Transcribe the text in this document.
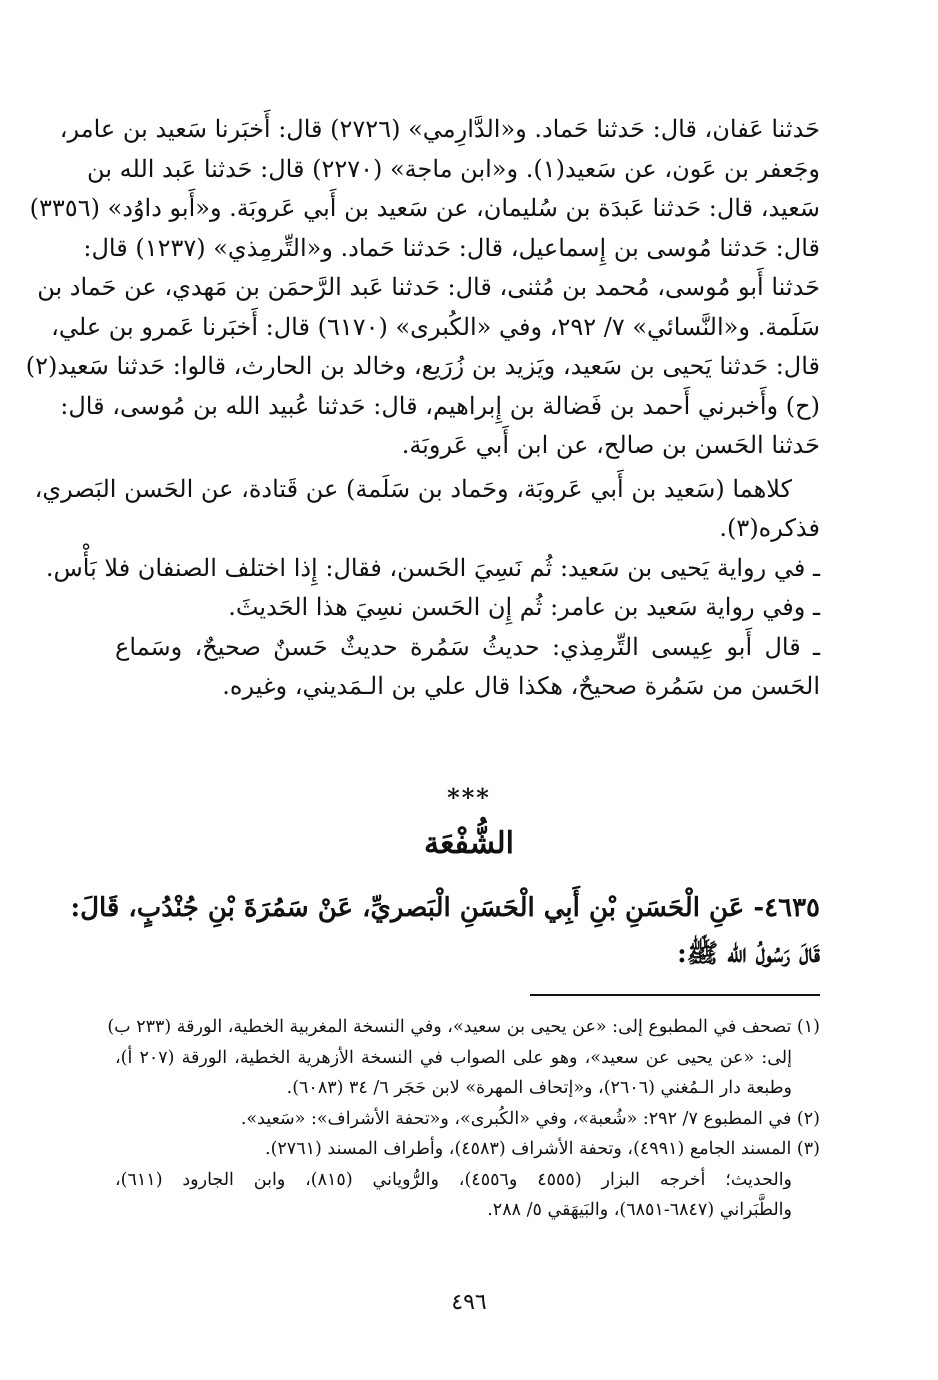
حَدثنا عَفان، قال: حَدثنا حَماد. و«الدَّارِمي» (٢٧٢٦) قال: أَخبَرنا سَعيد بن عامر،
وجَعفر بن عَون، عن سَعيد(١). و«ابن ماجة» (٢٢٧٠) قال: حَدثنا عَبد الله بن
سَعيد، قال: حَدثنا عَبدَة بن سُليمان، عن سَعيد بن أَبي عَروبَة. و«أَبو داوُد» (٣٣٥٦)
قال: حَدثنا مُوسى بن إِسماعيل، قال: حَدثنا حَماد. و«التِّرمِذي» (١٢٣٧) قال:
حَدثنا أَبو مُوسى، مُحمد بن مُثنى، قال: حَدثنا عَبد الرَّحمَن بن مَهدي، عن حَماد بن
سَلَمة. و«النَّسائي» ٧/ ٢٩٢، وفي «الكُبرى» (٦١٧٠) قال: أَخبَرنا عَمرو بن علي،
قال: حَدثنا يَحيى بن سَعيد، ويَزيد بن زُرَيع، وخالد بن الحارث، قالوا: حَدثنا سَعيد(٢)
(ح) وأَخبرني أَحمد بن فَضالة بن إِبراهيم، قال: حَدثنا عُبيد الله بن مُوسى، قال:
حَدثنا الحَسن بن صالح، عن ابن أَبي عَروبَة.
كلاهما (سَعيد بن أَبي عَروبَة، وحَماد بن سَلَمة) عن قَتادة، عن الحَسن البَصري،
فذكره(٣).
ـ في رواية يَحيى بن سَعيد: ثُم نَسِيَ الحَسن، فقال: إِذا اختلف الصنفان فلا بَأْس.
ـ وفي رواية سَعيد بن عامر: ثُم إِن الحَسن نسِيَ هذا الحَديثَ.
ـ قال أَبو عِيسى التِّرمِذي: حديثُ سَمُرة حديثٌ حَسنٌ صحيحٌ، وسَماع
الحَسن من سَمُرة صحيحٌ، هكذا قال علي بن الـمَديني، وغيره.
***
الشُّفْعَة
٤٦٣٥- عَنِ الْحَسَنِ بْنِ أَبِي الْحَسَنِ الْبَصريِّ، عَنْ سَمُرَةَ بْنِ جُنْدُبٍ، قَالَ:
قَالَ رَسُولُ الله ﷺ:
(١) تصحف في المطبوع إلى: «عن يحيى بن سعيد»، وفي النسخة المغربية الخطية، الورقة (٢٣٣ ب)
إلى: «عن يحيى عن سعيد»، وهو على الصواب في النسخة الأزهرية الخطية، الورقة (٢٠٧ أ)،
وطبعة دار الـمُغني (٢٦٠٦)، و«إتحاف المهرة» لابن حَجَر ٦/ ٣٤ (٦٠٨٣).
(٢) في المطبوع ٧/ ٢٩٢: «شُعبة»، وفي «الكُبرى»، و«تحفة الأشراف»: «سَعيد».
(٣) المسند الجامع (٤٩٩١)، وتحفة الأشراف (٤٥٨٣)، وأطراف المسند (٢٧٦١).
والحديث؛ أخرجه البزار (٤٥٥٥ و٤٥٥٦)، والرُّوياني (٨١٥)، وابن الجارود (٦١١)،
والطَّبَراني (٦٨٤٧-٦٨٥١)، والبَيهَقي ٥/ ٢٨٨.
٤٩٦
